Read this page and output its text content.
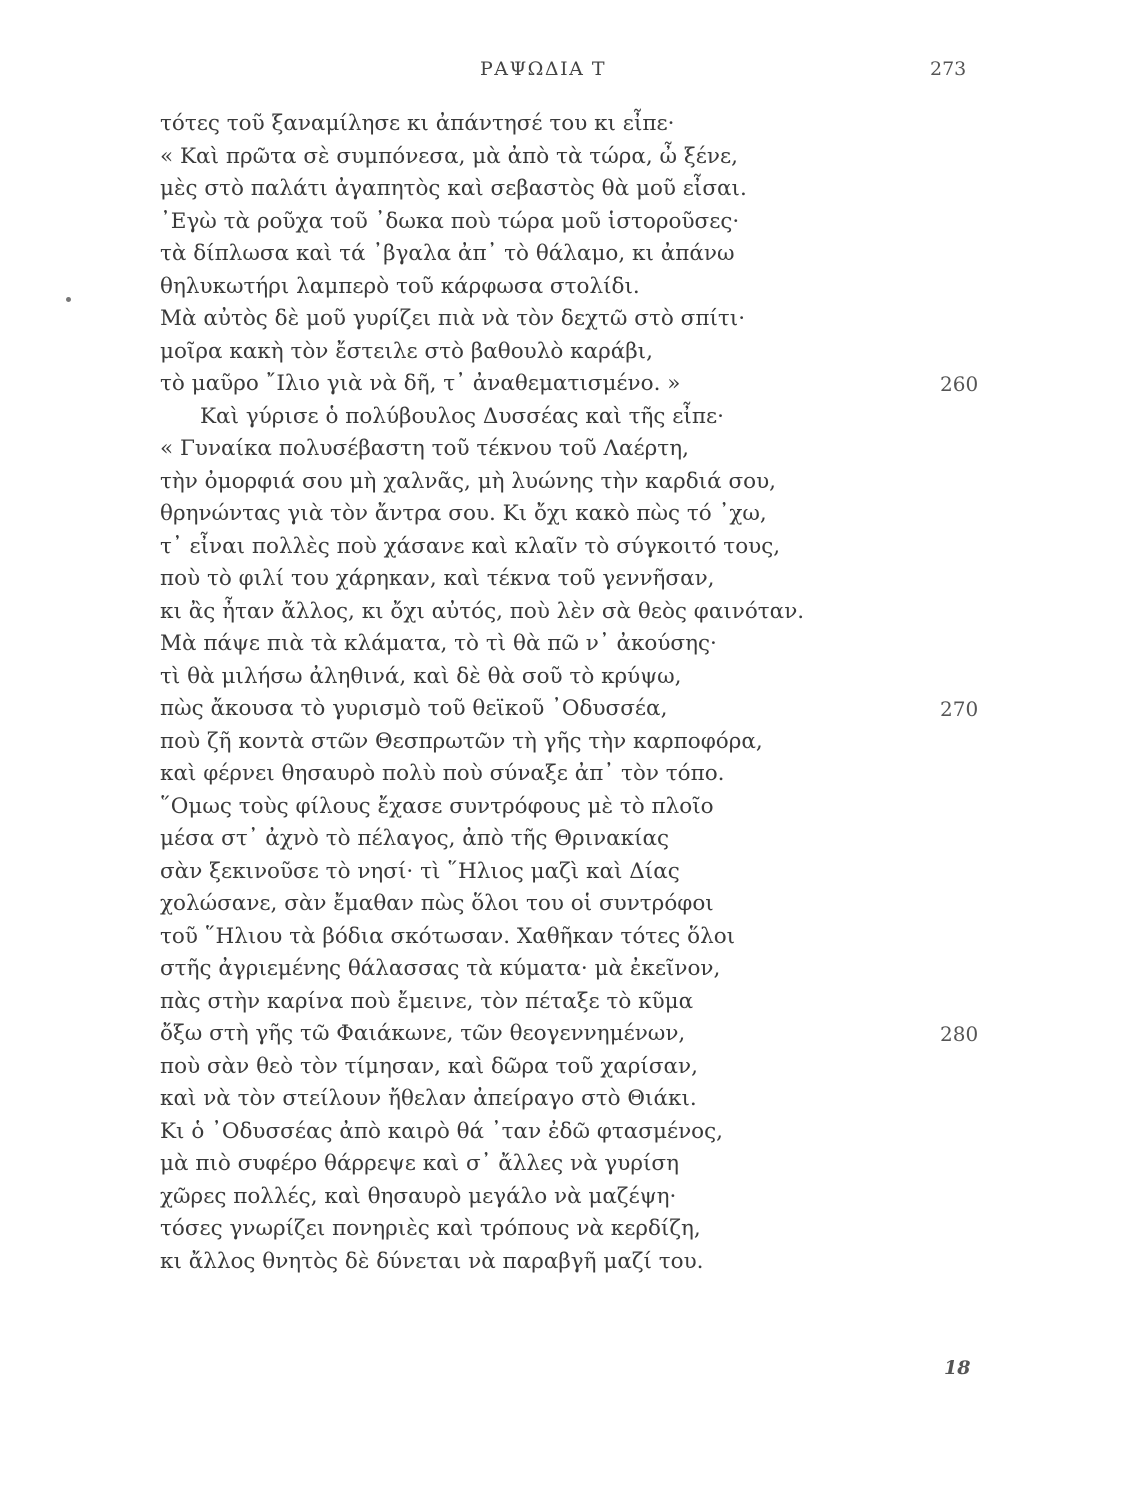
ΡΑΨΩΔΙΑ Τ	273
τότες τοῦ ξαναμίλησε κι ἀπάντησέ του κι εἶπε·
« Καὶ πρῶτα σὲ συμπόνεσα, μὰ ἀπὸ τὰ τώρα, ὦ ξένε,
μὲς στὸ παλάτι ἀγαπητὸς καὶ σεβαστὸς θὰ μοῦ εἶσαι.
᾿Εγὼ τὰ ροῦχα τοῦ ᾿δωκα ποὺ τώρα μοῦ ἱστοροῦσες·
τὰ δίπλωσα καὶ τά ᾿βγαλα ἀπ᾿ τὸ θάλαμο, κι ἀπάνω
θηλυκωτήρι λαμπερὸ τοῦ κάρφωσα στολίδι.
Μὰ αὐτὸς δὲ μοῦ γυρίζει πιὰ νὰ τὸν δεχτῶ στὸ σπίτι·
μοῖρα κακὴ τὸν ἔστειλε στὸ βαθουλὸ καράβι,
τὸ μαῦρο ῎Ιλιο γιὰ νὰ δῆ, τ᾿ ἀναθεματισμένο. »	260
Καὶ γύρισε ὁ πολύβουλος Δυσσέας καὶ τῆς εἶπε·
« Γυναίκα πολυσέβαστη τοῦ τέκνου τοῦ Λαέρτη,
τὴν ὀμορφιά σου μὴ χαλνᾶς, μὴ λυώνης τὴν καρδιά σου,
θρηνώντας γιὰ τὸν ἄντρα σου. Κι ὄχι κακὸ πὼς τό ᾿χω,
τ᾿ εἶναι πολλὲς ποὺ χάσανε καὶ κλαῖν τὸ σύγκοιτό τους,
ποὺ τὸ φιλί του χάρηκαν, καὶ τέκνα τοῦ γεννῆσαν,
κι ἂς ἦταν ἄλλος, κι ὄχι αὐτός, ποὺ λὲν σὰ θεὸς φαινόταν.
Μὰ πάψε πιὰ τὰ κλάματα, τὸ τὶ θὰ πῶ ν᾿ ἀκούσης·
τὶ θὰ μιλήσω ἀληθινά, καὶ δὲ θὰ σοῦ τὸ κρύψω,
πὼς ἄκουσα τὸ γυρισμὸ τοῦ θεϊκοῦ ᾿Οδυσσέα,	270
ποὺ ζῆ κοντὰ στῶν Θεσπρωτῶν τὴ γῆς τὴν καρποφόρα,
καὶ φέρνει θησαυρὸ πολὺ ποὺ σύναξε ἀπ᾿ τὸν τόπο.
῞Ομως τοὺς φίλους ἔχασε συντρόφους μὲ τὸ πλοῖο
μέσα στ᾿ ἀχνὸ τὸ πέλαγος, ἀπὸ τῆς Θρινακίας
σὰν ξεκινοῦσε τὸ νησί· τὶ ῞Ηλιος μαζὶ καὶ Δίας
χολώσανε, σὰν ἔμαθαν πὼς ὅλοι του οἱ συντρόφοι
τοῦ ῞Ηλιου τὰ βόδια σκότωσαν. Χαθῆκαν τότες ὅλοι
στῆς ἀγριεμένης θάλασσας τὰ κύματα· μὰ ἐκεῖνον,
πὰς στὴν καρίνα ποὺ ἔμεινε, τὸν πέταξε τὸ κῦμα
ὄξω στὴ γῆς τῶ Φαιάκωνε, τῶν θεογεννημένων,	280
ποὺ σὰν θεὸ τὸν τίμησαν, καὶ δῶρα τοῦ χαρίσαν,
καὶ νὰ τὸν στείλουν ἤθελαν ἀπείραγο στὸ Θιάκι.
Κι ὁ ᾿Οδυσσέας ἀπὸ καιρὸ θά ᾿ταν ἐδῶ φτασμένος,
μὰ πιὸ συφέρο θάρρεψε καὶ σ᾿ ἄλλες νὰ γυρίση
χῶρες πολλές, καὶ θησαυρὸ μεγάλο νὰ μαζέψη·
τόσες γνωρίζει πονηριὲς καὶ τρόπους νὰ κερδίζη,
κι ἄλλος θνητὸς δὲ δύνεται νὰ παραβγῆ μαζί του.
18
